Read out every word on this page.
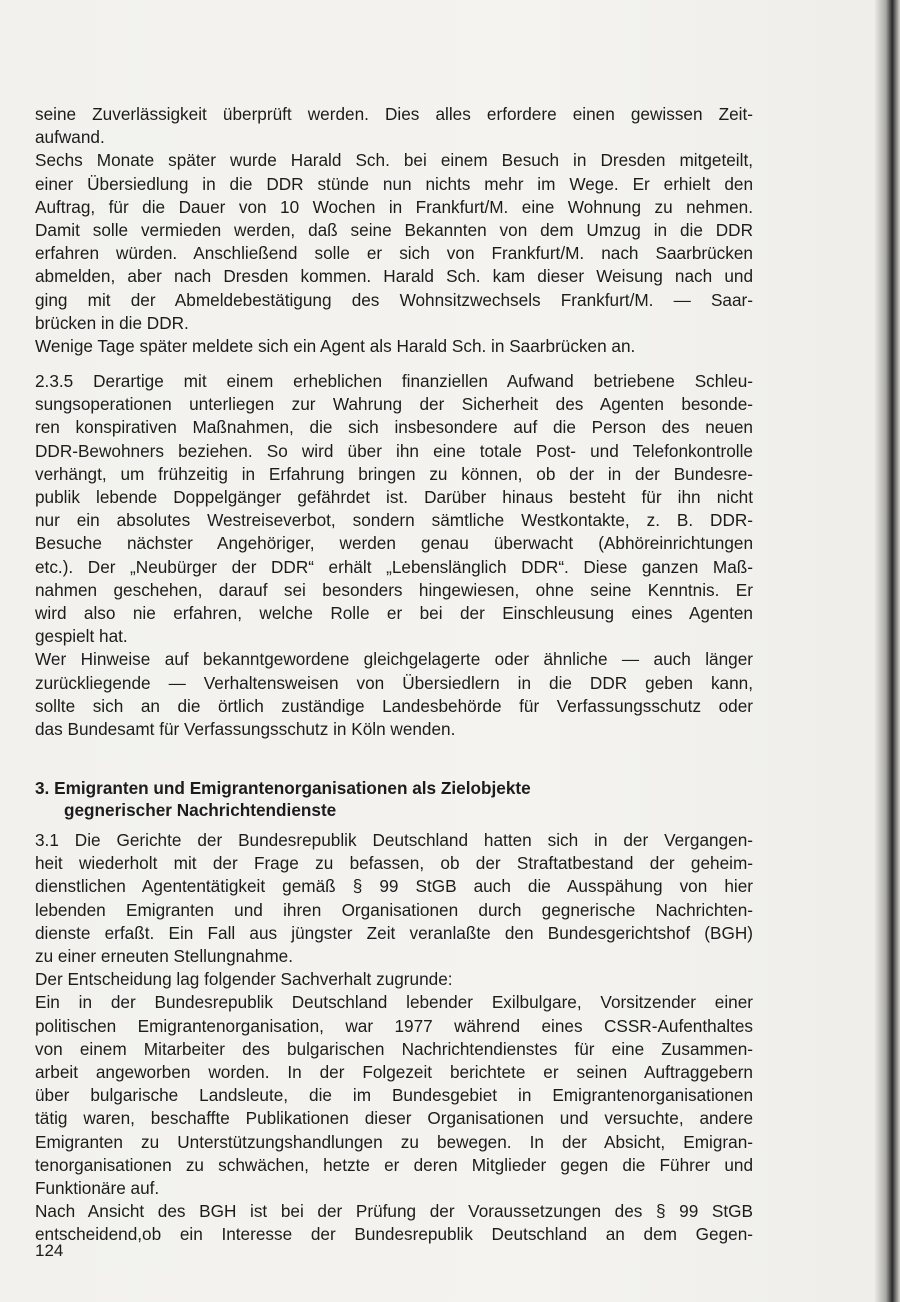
seine Zuverlässigkeit überprüft werden. Dies alles erfordere einen gewissen Zeit-
aufwand.
Sechs Monate später wurde Harald Sch. bei einem Besuch in Dresden mitgeteilt,
einer Übersiedlung in die DDR stünde nun nichts mehr im Wege. Er erhielt den
Auftrag, für die Dauer von 10 Wochen in Frankfurt/M. eine Wohnung zu nehmen.
Damit solle vermieden werden, daß seine Bekannten von dem Umzug in die DDR
erfahren würden. Anschließend solle er sich von Frankfurt/M. nach Saarbrücken
abmelden, aber nach Dresden kommen. Harald Sch. kam dieser Weisung nach und
ging mit der Abmeldebestätigung des Wohnsitzwechsels Frankfurt/M. — Saar-
brücken in die DDR.
Wenige Tage später meldete sich ein Agent als Harald Sch. in Saarbrücken an.
2.3.5 Derartige mit einem erheblichen finanziellen Aufwand betriebene Schleu-
sungsoperationen unterliegen zur Wahrung der Sicherheit des Agenten besonde-
ren konspirativen Maßnahmen, die sich insbesondere auf die Person des neuen
DDR-Bewohners beziehen. So wird über ihn eine totale Post- und Telefonkontrolle
verhängt, um frühzeitig in Erfahrung bringen zu können, ob der in der Bundesre-
publik lebende Doppelgänger gefährdet ist. Darüber hinaus besteht für ihn nicht
nur ein absolutes Westreiseverbot, sondern sämtliche Westkontakte, z. B. DDR-
Besuche nächster Angehöriger, werden genau überwacht (Abhöreinrichtungen
etc.). Der „Neubürger der DDR“ erhält „Lebenslänglich DDR“. Diese ganzen Maß-
nahmen geschehen, darauf sei besonders hingewiesen, ohne seine Kenntnis. Er
wird also nie erfahren, welche Rolle er bei der Einschleusung eines Agenten
gespielt hat.
Wer Hinweise auf bekanntgewordene gleichgelagerte oder ähnliche — auch länger
zurückliegende — Verhaltensweisen von Übersiedlern in die DDR geben kann,
sollte sich an die örtlich zuständige Landesbehörde für Verfassungsschutz oder
das Bundesamt für Verfassungsschutz in Köln wenden.
3. Emigranten und Emigrantenorganisationen als Zielobjekte
gegnerischer Nachrichtendienste
3.1 Die Gerichte der Bundesrepublik Deutschland hatten sich in der Vergangen-
heit wiederholt mit der Frage zu befassen, ob der Straftatbestand der geheim-
dienstlichen Agententätigkeit gemäß § 99 StGB auch die Ausspähung von hier
lebenden Emigranten und ihren Organisationen durch gegnerische Nachrichten-
dienste erfaßt. Ein Fall aus jüngster Zeit veranlaßte den Bundesgerichtshof (BGH)
zu einer erneuten Stellungnahme.
Der Entscheidung lag folgender Sachverhalt zugrunde:
Ein in der Bundesrepublik Deutschland lebender Exilbulgare, Vorsitzender einer
politischen Emigrantenorganisation, war 1977 während eines CSSR-Aufenthaltes
von einem Mitarbeiter des bulgarischen Nachrichtendienstes für eine Zusammen-
arbeit angeworben worden. In der Folgezeit berichtete er seinen Auftraggebern
über bulgarische Landsleute, die im Bundesgebiet in Emigrantenorganisationen
tätig waren, beschaffte Publikationen dieser Organisationen und versuchte, andere
Emigranten zu Unterstützungshandlungen zu bewegen. In der Absicht, Emigran-
tenorganisationen zu schwächen, hetzte er deren Mitglieder gegen die Führer und
Funktionäre auf.
Nach Ansicht des BGH ist bei der Prüfung der Voraussetzungen des § 99 StGB
entscheidend,ob ein Interesse der Bundesrepublik Deutschland an dem Gegen-
124
